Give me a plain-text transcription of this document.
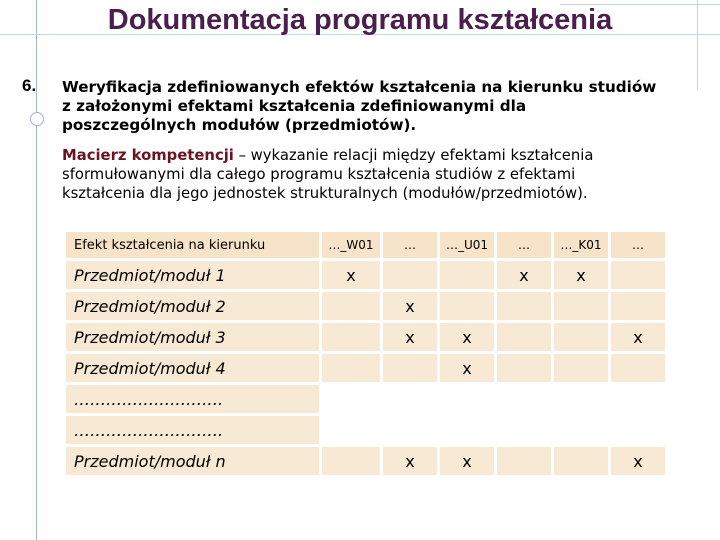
Dokumentacja programu kształcenia
6. Weryfikacja zdefiniowanych efektów kształcenia na kierunku studiów
z założonymi efektami kształcenia zdefiniowanymi dla
poszczególnych modułów (przedmiotów).
Macierz kompetencji – wykazanie relacji między efektami kształcenia
sformułowanymi dla całego programu kształcenia studiów z efektami
kształcenia dla jego jednostek strukturalnych (modułów/przedmiotów).
Efekt kształcenia na kierunku	…_W01	…	…_U01	…	…_K01	…
Przedmiot/moduł 1	x			x	x	
Przedmiot/moduł 2		x				
Przedmiot/moduł 3		x	x			x
Przedmiot/moduł 4			x			
……………………….						
……………………….						
Przedmiot/moduł n		x	x			x
